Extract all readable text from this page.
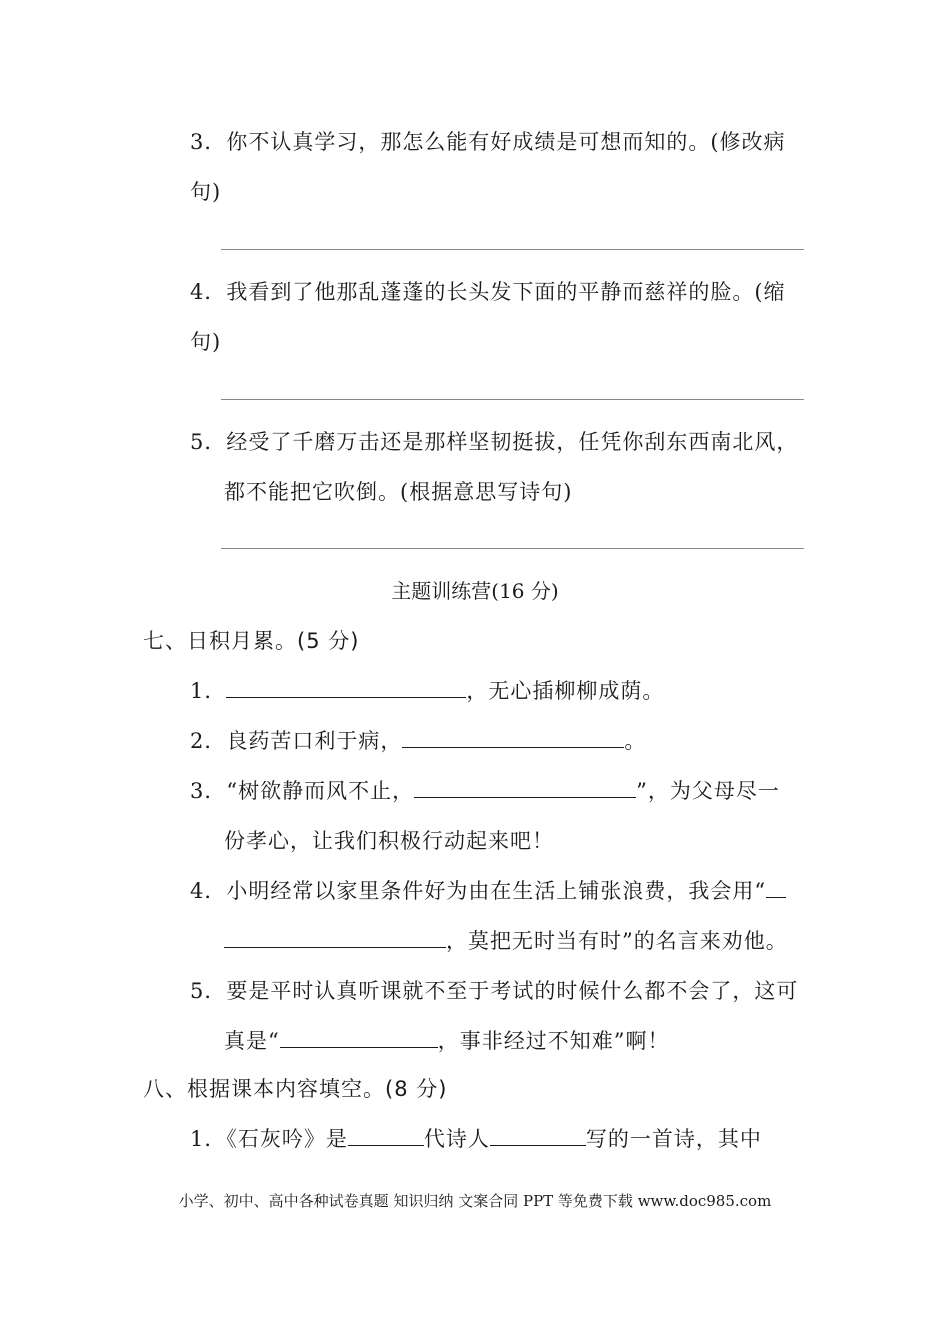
3．你不认真学习，那怎么能有好成绩是可想而知的。(修改病
句)
4．我看到了他那乱蓬蓬的长头发下面的平静而慈祥的脸。(缩
句)
5．经受了千磨万击还是那样坚韧挺拔，任凭你刮东西南北风，
都不能把它吹倒。(根据意思写诗句)
主题训练营(16 分)
七、日积月累。(5 分)
1．	，无心插柳柳成荫。
2．良药苦口利于病，	。
3．“树欲静而风不止，	”，为父母尽一
份孝心，让我们积极行动起来吧！
4．小明经常以家里条件好为由在生活上铺张浪费，我会用“
，莫把无时当有时”的名言来劝他。
5．要是平时认真听课就不至于考试的时候什么都不会了，这可
真是“	，事非经过不知难”啊！
八、根据课本内容填空。(8 分)
1．《石灰吟》是	代诗人	写的一首诗，其中
小学、初中、高中各种试卷真题 知识归纳 文案合同 PPT 等免费下载 www.doc985.com
